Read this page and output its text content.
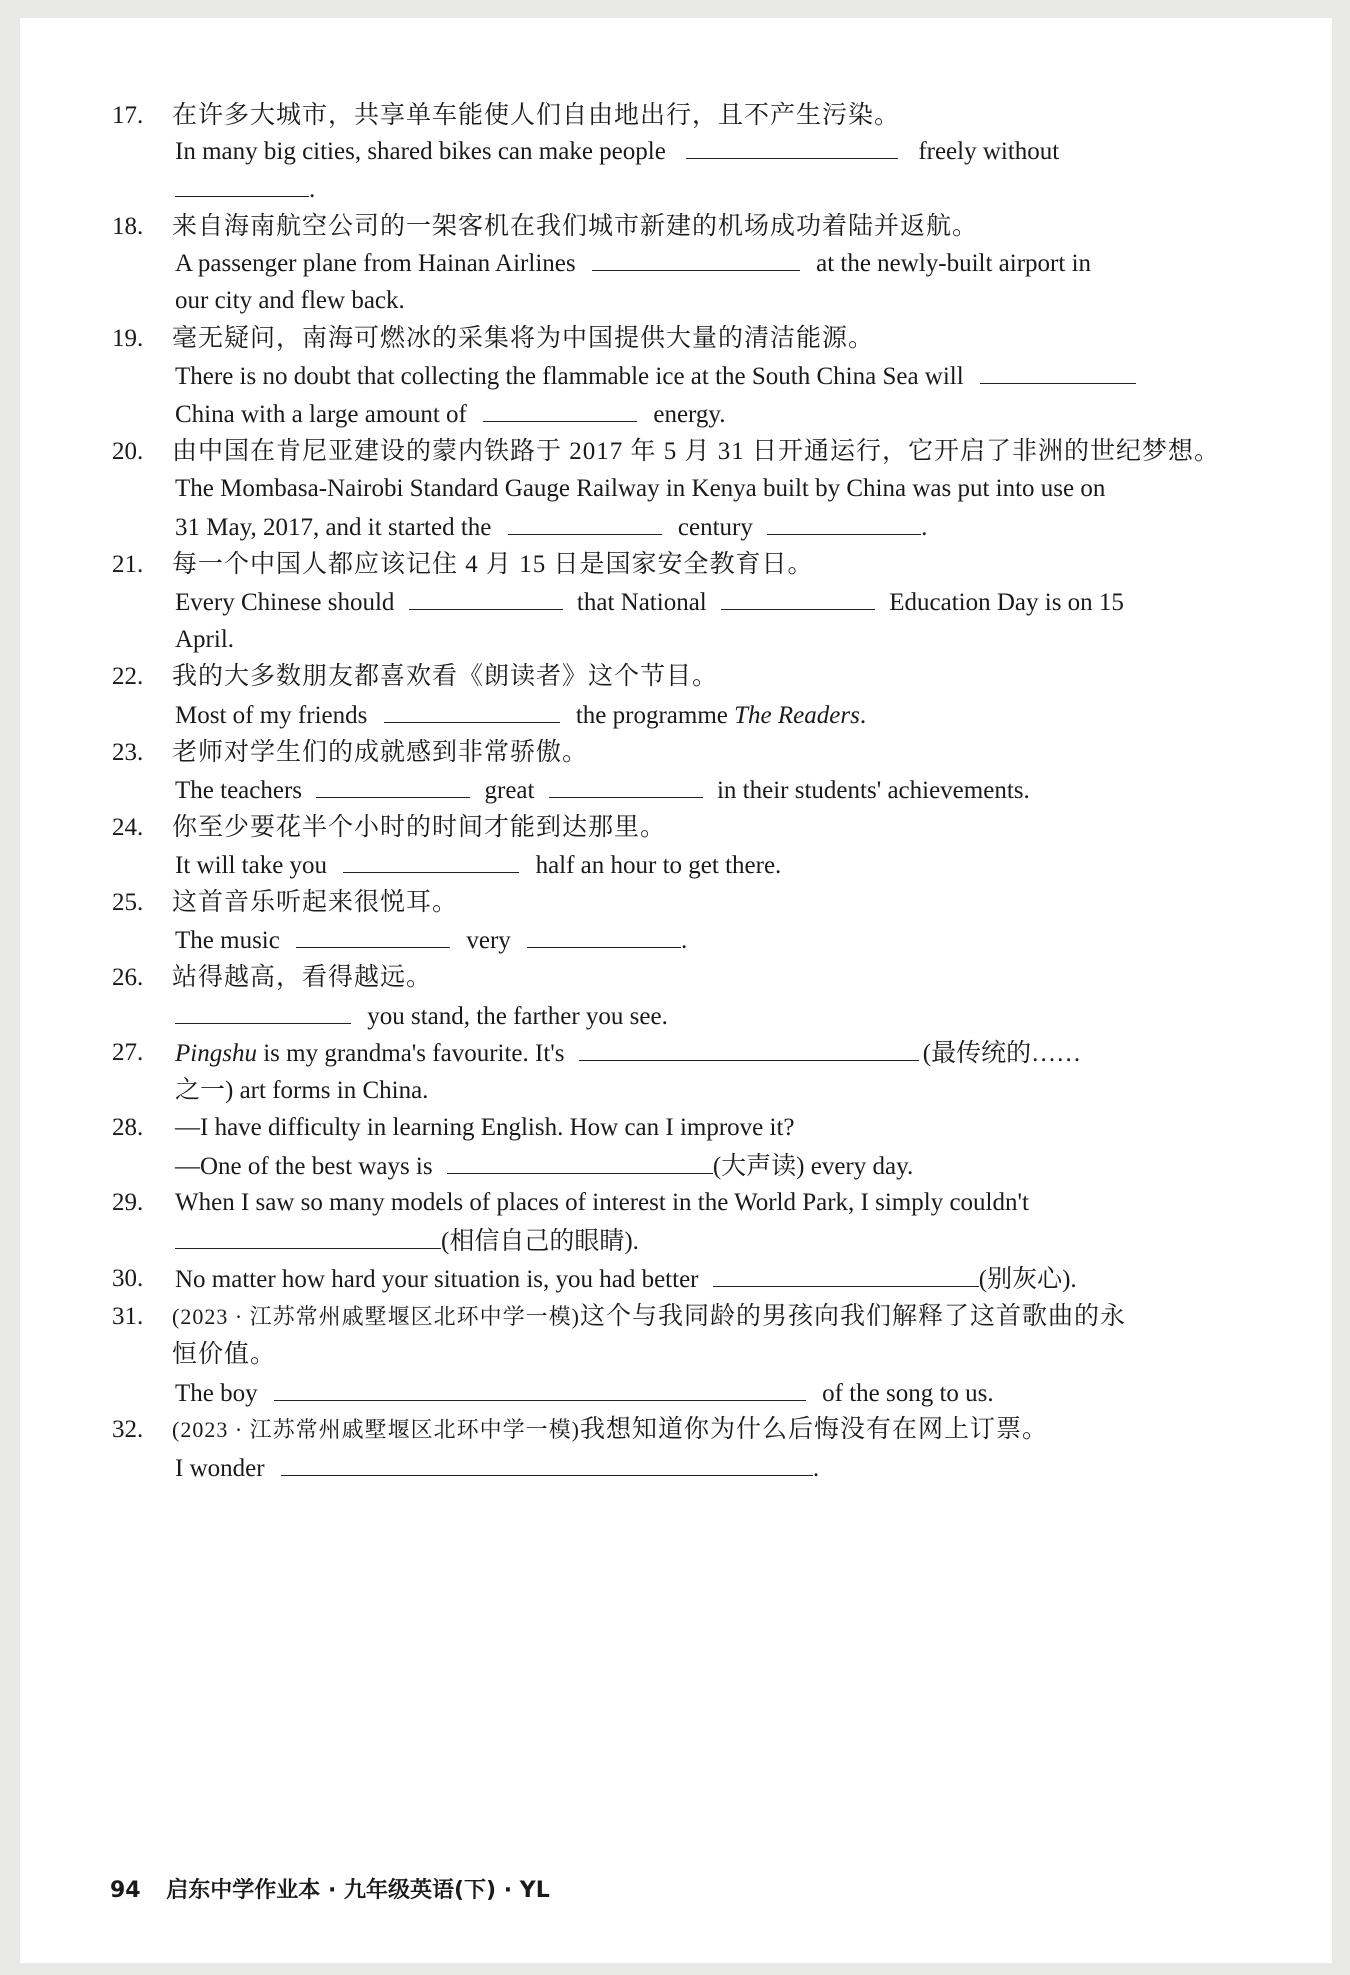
17. 在许多大城市，共享单车能使人们自由地出行，且不产生污染。
In many big cities, shared bikes can make people	freely without
.
18. 来自海南航空公司的一架客机在我们城市新建的机场成功着陆并返航。
A passenger plane from Hainan Airlines	at the newly-built airport in
our city and flew back.
19. 毫无疑问，南海可燃冰的采集将为中国提供大量的清洁能源。
There is no doubt that collecting the flammable ice at the South China Sea will
China with a large amount of	energy.
20. 由中国在肯尼亚建设的蒙内铁路于 2017 年 5 月 31 日开通运行，它开启了非洲的世纪梦想。
The Mombasa-Nairobi Standard Gauge Railway in Kenya built by China was put into use on
31 May, 2017, and it started the	century	.
21. 每一个中国人都应该记住 4 月 15 日是国家安全教育日。
Every Chinese should	that National	Education Day is on 15
April.
22. 我的大多数朋友都喜欢看《朗读者》这个节目。
Most of my friends	the programme The Readers.
23. 老师对学生们的成就感到非常骄傲。
The teachers	great	in their students' achievements.
24. 你至少要花半个小时的时间才能到达那里。
It will take you	half an hour to get there.
25. 这首音乐听起来很悦耳。
The music	very	.
26. 站得越高，看得越远。
you stand, the farther you see.
27. Pingshu is my grandma's favourite. It's	(最传统的……
之一) art forms in China.
28. —I have difficulty in learning English. How can I improve it?
—One of the best ways is	(大声读) every day.
29. When I saw so many models of places of interest in the World Park, I simply couldn't
(相信自己的眼睛).
30. No matter how hard your situation is, you had better	(别灰心).
31. (2023 · 江苏常州戚墅堰区北环中学一模)这个与我同龄的男孩向我们解释了这首歌曲的永
恒价值。
The boy	of the song to us.
32. (2023 · 江苏常州戚墅堰区北环中学一模)我想知道你为什么后悔没有在网上订票。
I wonder	.
94 启东中学作业本 · 九年级英语(下) · YL
